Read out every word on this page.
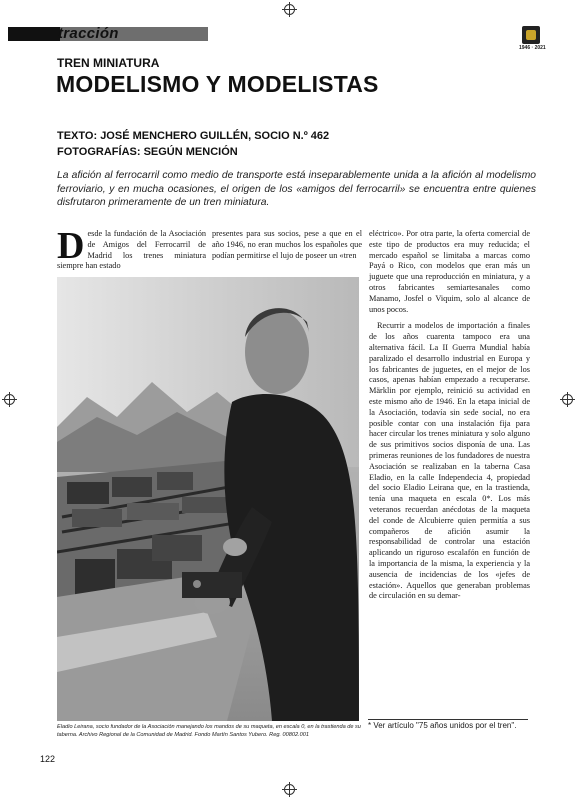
tracción
1946 · 2021
TREN MINIATURA
MODELISMO Y MODELISTAS
TEXTO: JOSÉ MENCHERO GUILLÉN, SOCIO N.º 462
FOTOGRAFÍAS: SEGÚN MENCIÓN
La afición al ferrocarril como medio de transporte está inseparablemente unida a la afición al modelismo ferroviario, y en mucha ocasiones, el origen de los «amigos del ferrocarril» se encuentra entre quienes disfrutaron primeramente de un tren miniatura.

Desde la fundación de la Asociación de Amigos del Ferrocarril de Madrid los trenes miniatura siempre han estado

presentes para sus socios, pese a que en el año 1946, no eran muchos los españoles que podían permitirse el lujo de poseer un «tren

Eladio Leirana, socio fundador de la Asociación manejando los mandos de su maqueta, en escala 0, en la trastienda de su taberna. Archivo Regional de la Comunidad de Madrid. Fondo Martín Santos Yubero. Reg. 00802.001

eléctrico». Por otra parte, la oferta comercial de este tipo de productos era muy reducida; el mercado español se limitaba a marcas como Payá o Rico, con modelos que eran más un juguete que una reproducción en miniatura, y a otros fabricantes semiartesanales como Manamo, Josfel o Viquim, solo al alcance de unos pocos.

Recurrir a modelos de importación a finales de los años cuarenta tampoco era una alternativa fácil. La II Guerra Mundial había paralizado el desarrollo industrial en Europa y los fabricantes de juguetes, en el mejor de los casos, apenas habían empezado a recuperarse. Märklin por ejemplo, reinició su actividad en este mismo año de 1946. En la etapa inicial de la Asociación, todavía sin sede social, no era posible contar con una instalación fija para hacer circular los trenes miniatura y solo alguno de sus primitivos socios disponía de una. Las primeras reuniones de los fundadores de nuestra Asociación se realizaban en la taberna Casa Eladio, en la calle Independecia 4, propiedad del socio Eladio Leirana que, en la trastienda, tenía una maqueta en escala 0*. Los más veteranos recuerdan anécdotas de la maqueta del conde de Alcubierre quien permitía a sus compañeros de afición asumir la responsabilidad de controlar una estación aplicando un riguroso escalafón en función de la importancia de la misma, la experiencia y la ausencia de incidencias de los «jefes de estación». Aquellos que generaban problemas de circulación en su demar-

* Ver artículo "75 años unidos por el tren".
122
